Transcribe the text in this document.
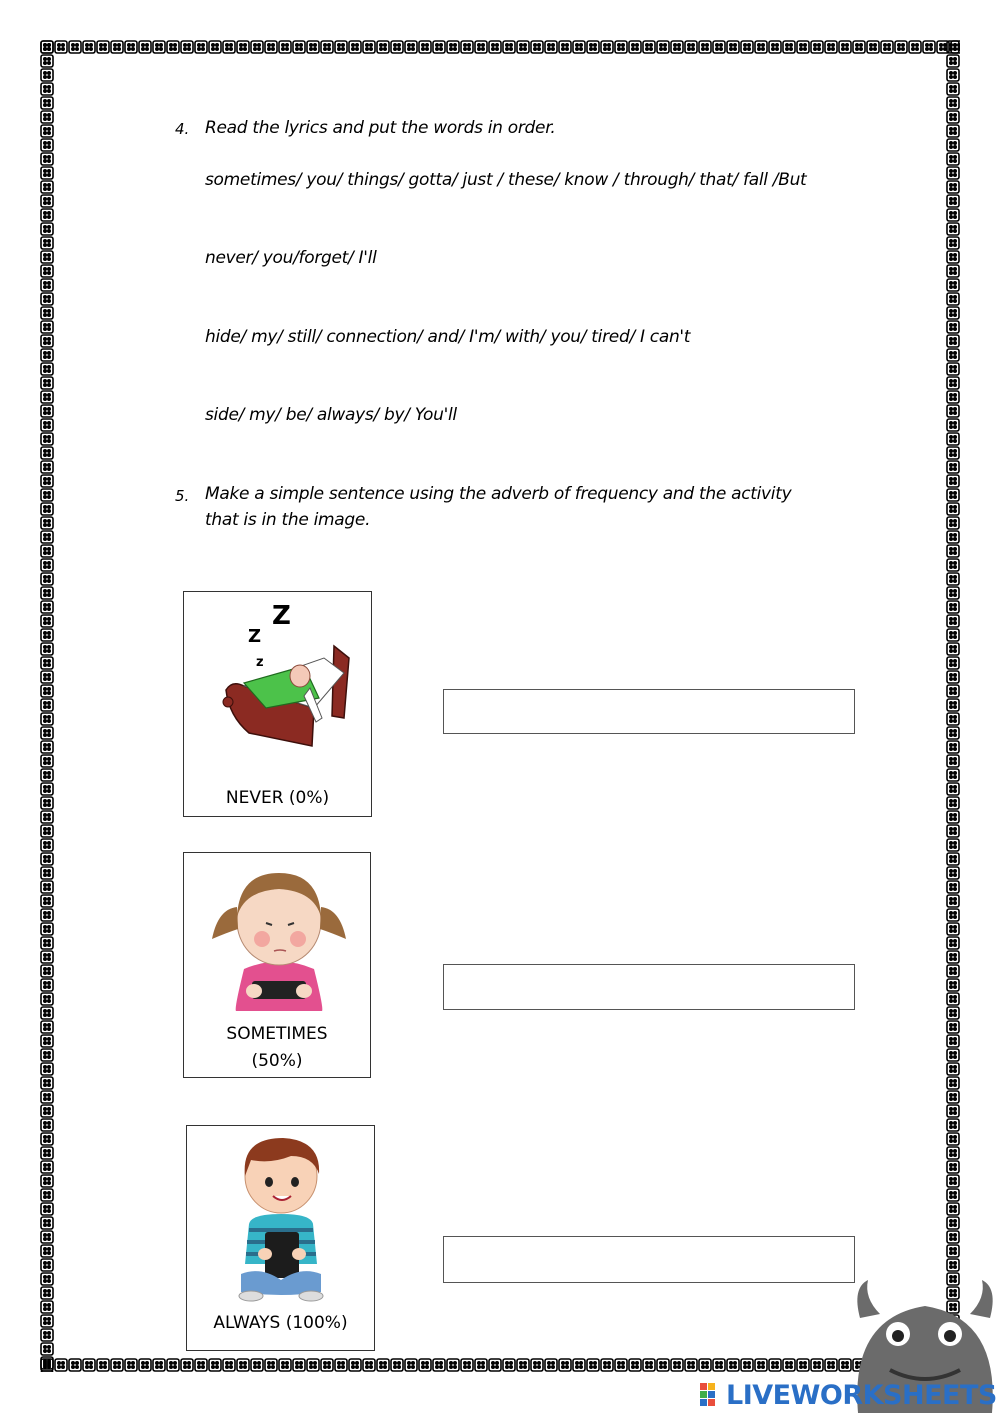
4. Read the lyrics and put the words in order.
sometimes/ you/ things/ gotta/ just / these/ know / through/ that/ fall /But
never/ you/forget/ I'll
hide/ my/ still/ connection/ and/ I'm/ with/ you/ tired/ I can't
side/ my/ be/ always/ by/ You'll
5. Make a simple sentence using the adverb of frequency and the activity
that is in the image.
Z
Z
z
NEVER (0%)
SOMETIMES
(50%)
ALWAYS (100%)
LIVEWORKSHEETS
